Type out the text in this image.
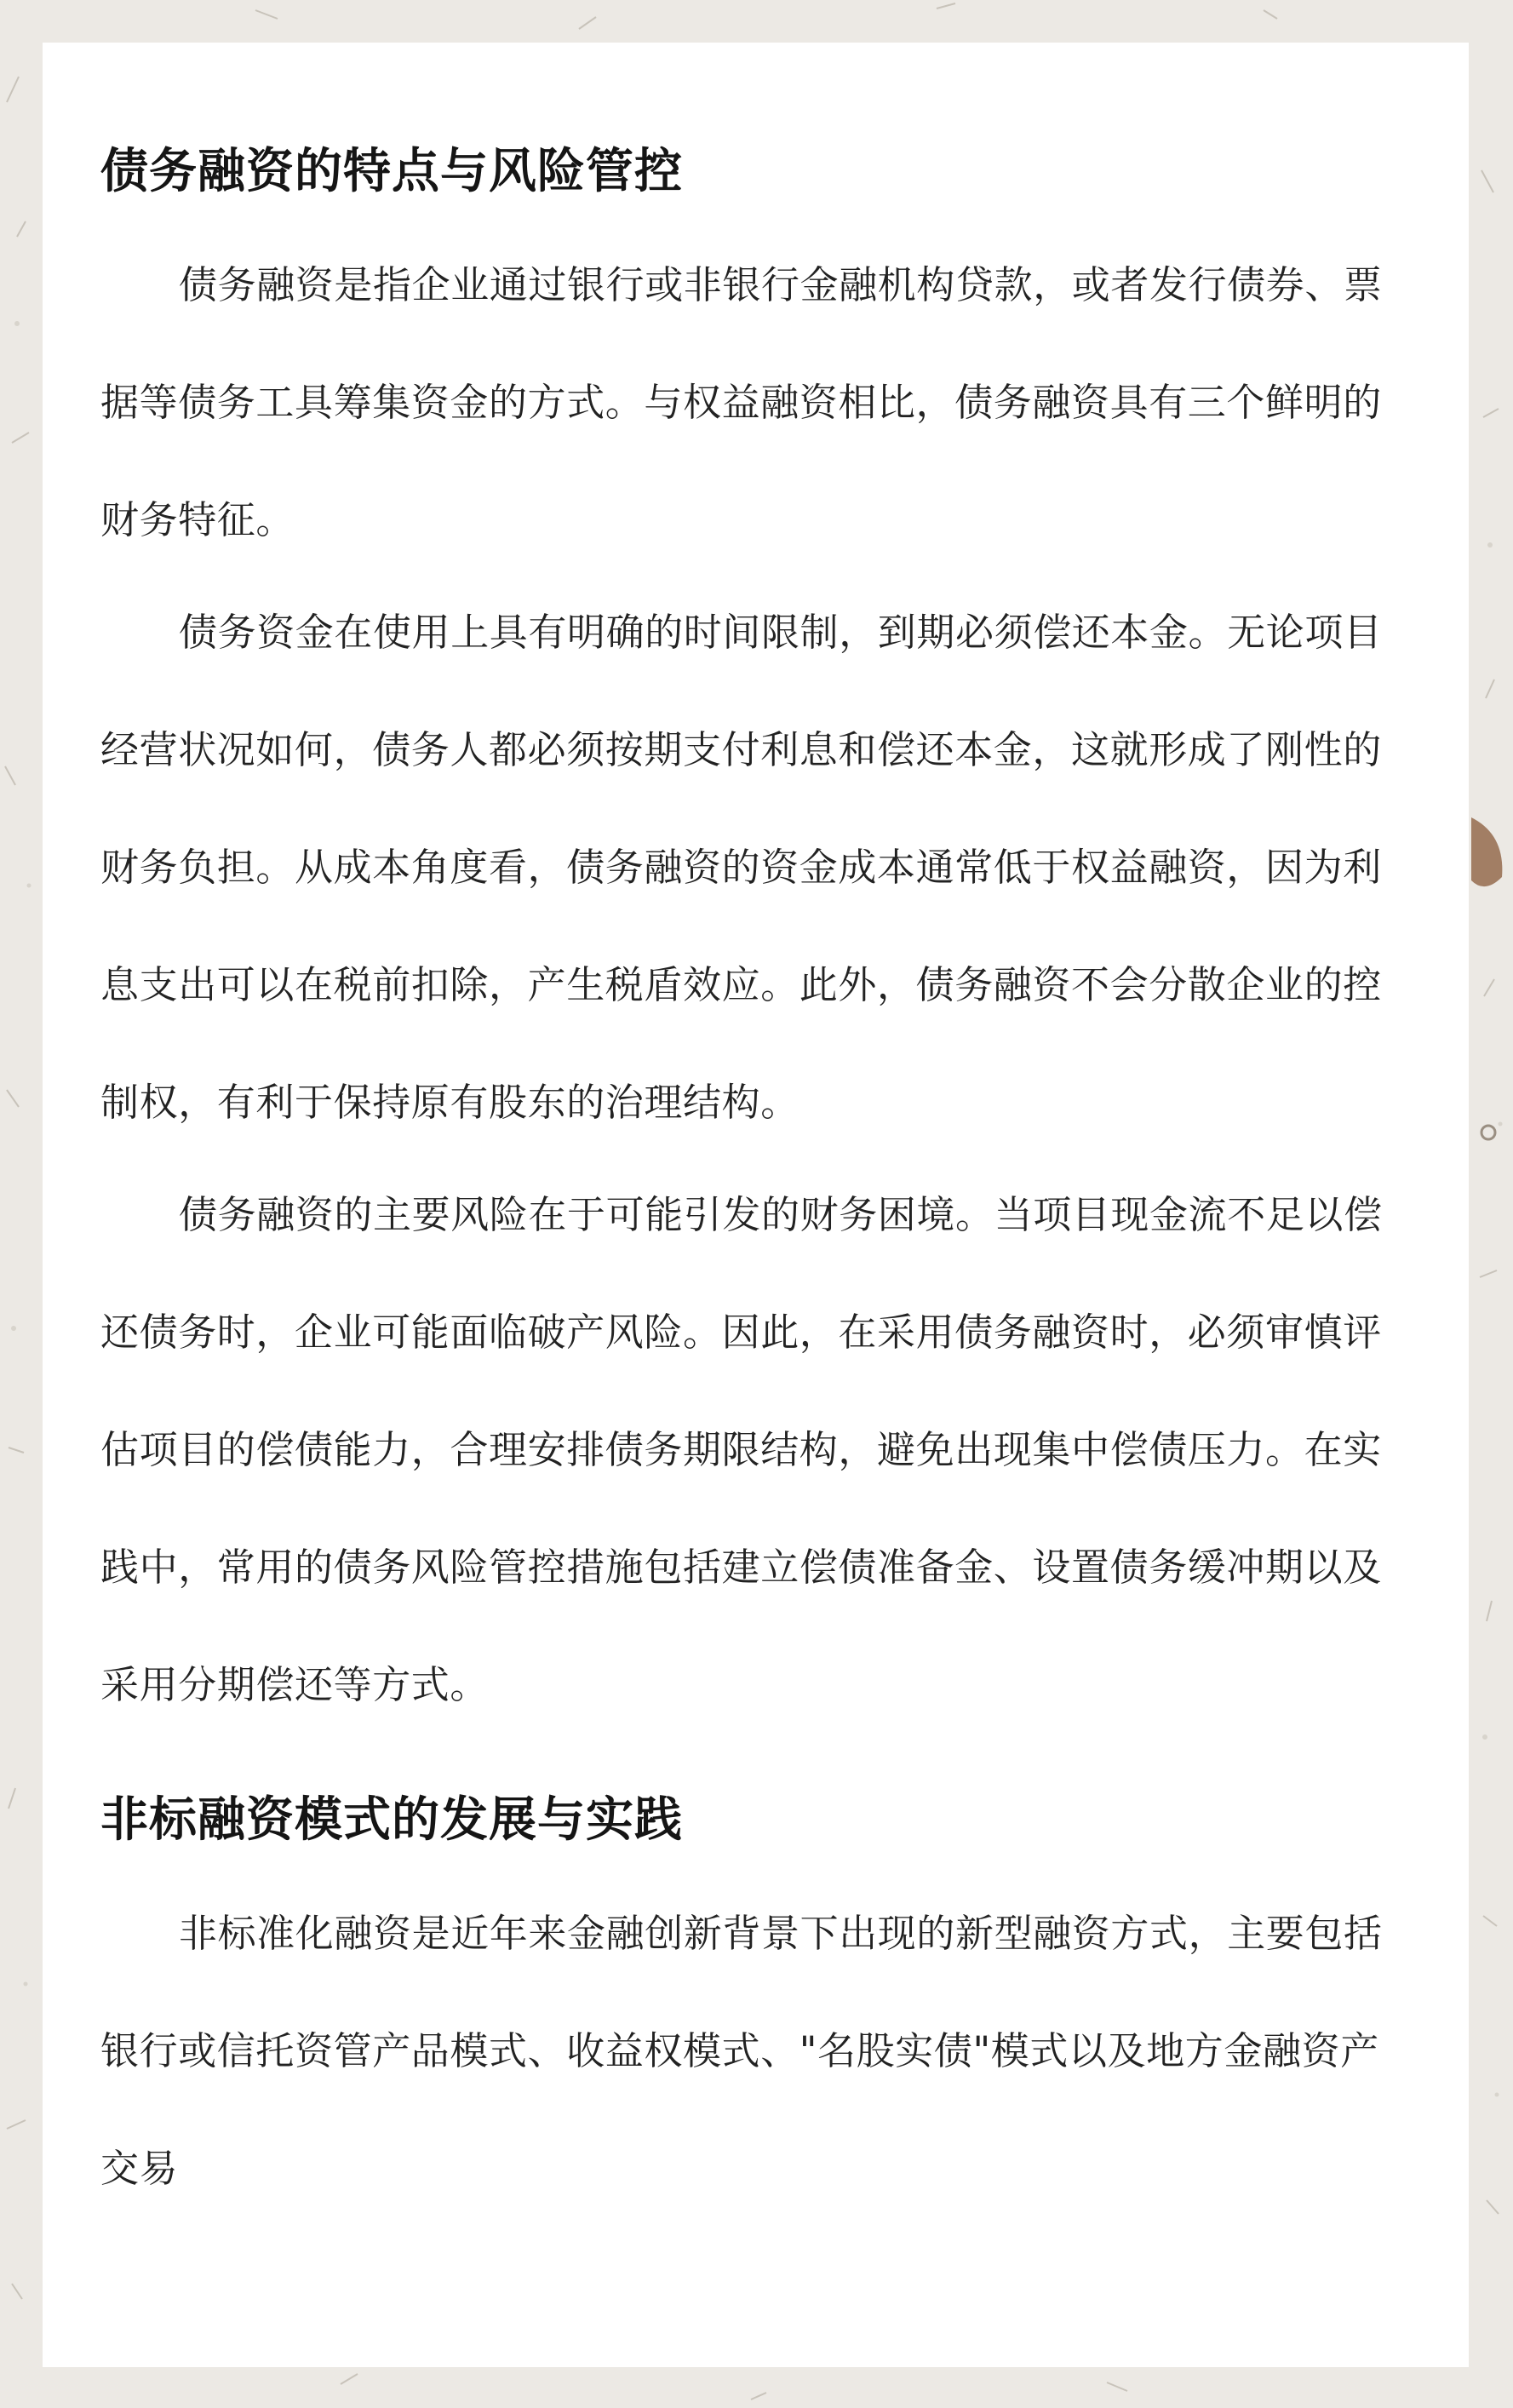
债务融资的特点与风险管控

债务融资是指企业通过银行或非银行金融机构贷款，或者发行债券、票据等债务工具筹集资金的方式。与权益融资相比，债务融资具有三个鲜明的财务特征。

债务资金在使用上具有明确的时间限制，到期必须偿还本金。无论项目经营状况如何，债务人都必须按期支付利息和偿还本金，这就形成了刚性的财务负担。从成本角度看，债务融资的资金成本通常低于权益融资，因为利息支出可以在税前扣除，产生税盾效应。此外，债务融资不会分散企业的控制权，有利于保持原有股东的治理结构。

债务融资的主要风险在于可能引发的财务困境。当项目现金流不足以偿还债务时，企业可能面临破产风险。因此，在采用债务融资时，必须审慎评估项目的偿债能力，合理安排债务期限结构，避免出现集中偿债压力。在实践中，常用的债务风险管控措施包括建立偿债准备金、设置债务缓冲期以及采用分期偿还等方式。

非标融资模式的发展与实践

非标准化融资是近年来金融创新背景下出现的新型融资方式，主要包括银行或信托资管产品模式、收益权模式、"名股实债"模式以及地方金融资产交易
